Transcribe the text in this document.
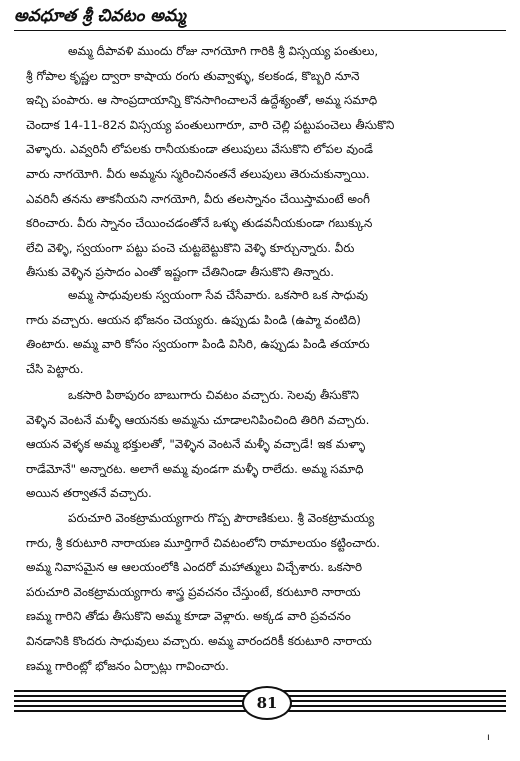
అవధూత శ్రీ చివటం అమ్మ
అమ్మ దీపావళి ముందు రోజు నాగయోగి గారికి శ్రీ విస్సయ్య పంతులు,
శ్రీ గోపాల కృష్ణల ద్వారా కాషాయ రంగు తువ్వాళ్ళు, కలకండ, కొబ్బరి నూనె
ఇచ్చి పంపారు. ఆ సాంప్రదాయాన్ని కొనసాగించాలనే ఉద్దేశ్యంతో, అమ్మ సమాధి
చెందాక 14-11-82న విస్సయ్య పంతులుగారూ, వారి చెల్లి పట్టుపంచెలు తీసుకొని
వెళ్ళారు. ఎవ్వరినీ లోపలకు రానీయకుండా తలుపులు వేసుకొని లోపల వుండే
వారు నాగయోగి. వీరు అమ్మను స్మరించినంతనే తలుపులు తెరుచుకున్నాయి.
ఎవరినీ తనను తాకనీయని నాగయోగి, వీరు తలస్నానం చేయిస్తామంటే అంగీ
కరించారు. వీరు స్నానం చేయించడంతోనే ఒళ్ళు తుడవనీయకుండా గబుక్కున
లేచి వెళ్ళి, స్వయంగా పట్టు పంచె చుట్టబెట్టుకొని వెళ్ళి కూర్చున్నారు. వీరు
తీసుకు వెళ్ళిన ప్రసాదం ఎంతో ఇష్టంగా చేతినిండా తీసుకొని తిన్నారు.
అమ్మ సాధువులకు స్వయంగా సేవ చేసేవారు. ఒకసారి ఒక సాధువు
గారు వచ్చారు. ఆయన భోజనం చెయ్యరు. ఉప్పుడు పిండి (ఉప్మా వంటిది)
తింటారు. అమ్మ వారి కోసం స్వయంగా పిండి విసిరి, ఉప్పుడు పిండి తయారు
చేసి పెట్టారు.
ఒకసారి పిఠాపురం బాబుగారు చివటం వచ్చారు. సెలవు తీసుకొని
వెళ్ళిన వెంటనే మళ్ళీ ఆయనకు అమ్మను చూడాలనిపించింది తిరిగి వచ్చారు.
ఆయన వెళ్ళక అమ్మ భక్తులతో, "వెళ్ళిన వెంటనే మళ్ళీ వచ్చాడే! ఇక మళ్ళా
రాడేమోనే" అన్నారట. అలాగే అమ్మ వుండగా మళ్ళీ రాలేదు. అమ్మ సమాధి
అయిన తర్వాతనే వచ్చారు.
పరుచూరి వెంకట్రామయ్యగారు గొప్ప పౌరాణికులు. శ్రీ వెంకట్రామయ్య
గారు, శ్రీ కరుటూరి నారాయణ మూర్తిగారే చివటంలోని రామాలయం కట్టించారు.
అమ్మ నివాసమైన ఆ ఆలయంలోకి ఎందరో మహాత్ములు విచ్చేశారు. ఒకసారి
పరుచూరి వెంకట్రామయ్యగారు శాస్త్ర ప్రవచనం చేస్తుంటే, కరుటూరి నారాయ
ణమ్మ గారిని తోడు తీసుకొని అమ్మ కూడా వెళ్లారు. అక్కడ వారి ప్రవచనం
వినడానికి కొందరు సాధువులు వచ్చారు. అమ్మ వారందరికీ కరుటూరి నారాయ
ణమ్మ గారింట్లో భోజనం ఏర్పాట్లు గావించారు.
81
ı
